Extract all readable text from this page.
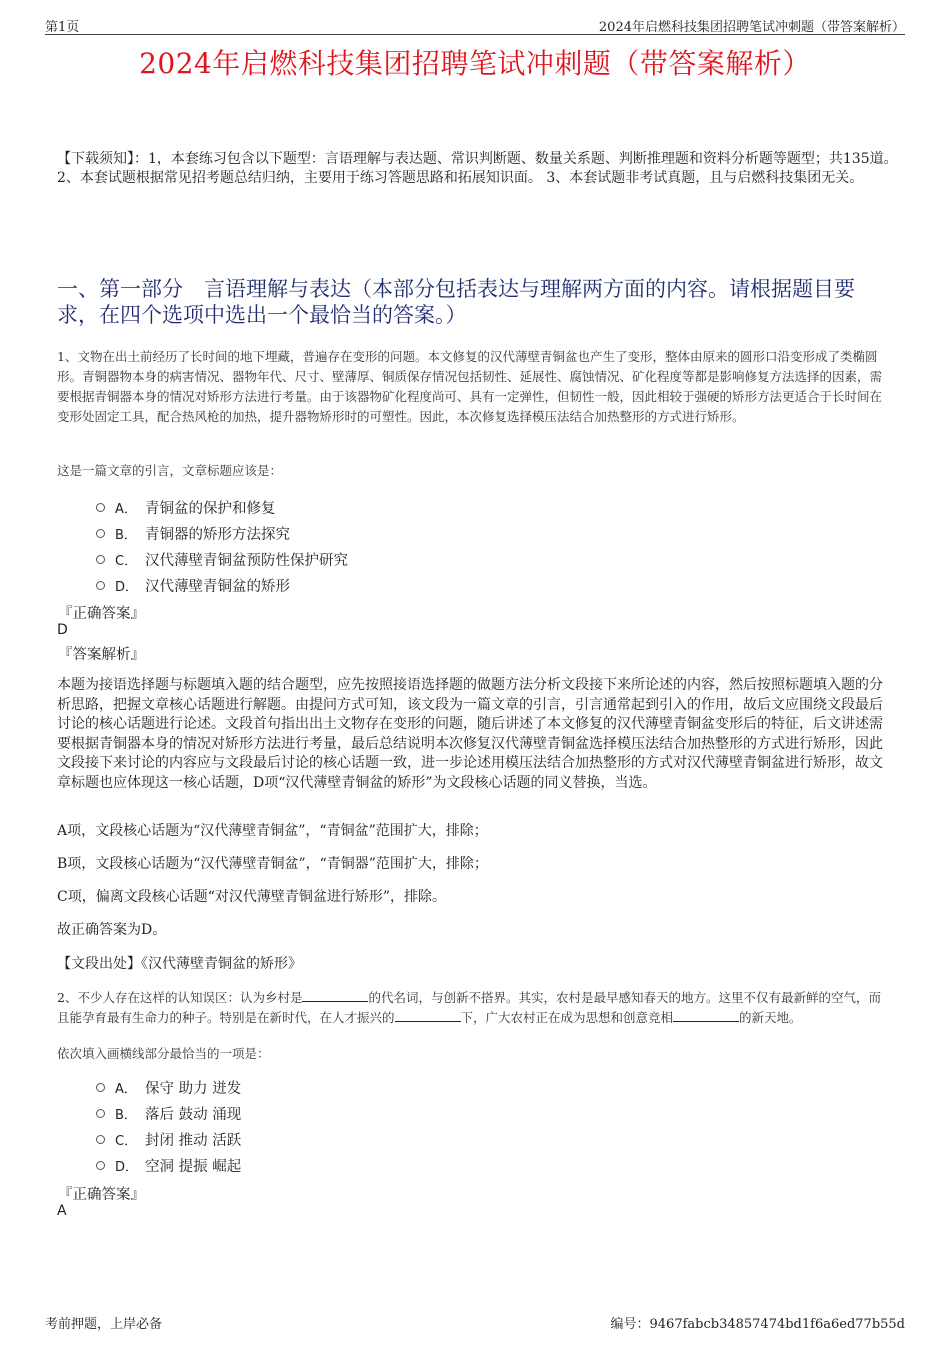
第1页	2024年启燃科技集团招聘笔试冲刺题（带答案解析）
2024年启燃科技集团招聘笔试冲刺题（带答案解析）
【下载须知】：1，本套练习包含以下题型：言语理解与表达题、常识判断题、数量关系题、判断推理题和资料分析题等题型；共135道。 2、本套试题根据常见招考题总结归纳，主要用于练习答题思路和拓展知识面。 3、本套试题非考试真题，且与启燃科技集团无关。
一、第一部分　言语理解与表达（本部分包括表达与理解两方面的内容。请根据题目要求，在四个选项中选出一个最恰当的答案。）
1、文物在出土前经历了长时间的地下埋藏，普遍存在变形的问题。本文修复的汉代薄壁青铜盆也产生了变形，整体由原来的圆形口沿变形成了类椭圆形。青铜器物本身的病害情况、器物年代、尺寸、壁薄厚、铜质保存情况包括韧性、延展性、腐蚀情况、矿化程度等都是影响修复方法选择的因素，需要根据青铜器本身的情况对矫形方法进行考量。由于该器物矿化程度尚可、具有一定弹性，但韧性一般，因此相较于强硬的矫形方法更适合于长时间在变形处固定工具，配合热风枪的加热，提升器物矫形时的可塑性。因此，本次修复选择模压法结合加热整形的方式进行矫形。
这是一篇文章的引言，文章标题应该是：
A． 青铜盆的保护和修复
B． 青铜器的矫形方法探究
C． 汉代薄壁青铜盆预防性保护研究
D． 汉代薄壁青铜盆的矫形
『正确答案』
D
『答案解析』
本题为接语选择题与标题填入题的结合题型，应先按照接语选择题的做题方法分析文段接下来所论述的内容，然后按照标题填入题的分析思路，把握文章核心话题进行解题。由提问方式可知，该文段为一篇文章的引言，引言通常起到引入的作用，故后文应围绕文段最后讨论的核心话题进行论述。文段首句指出出土文物存在变形的问题，随后讲述了本文修复的汉代薄壁青铜盆变形后的特征，后文讲述需要根据青铜器本身的情况对矫形方法进行考量，最后总结说明本次修复汉代薄壁青铜盆选择模压法结合加热整形的方式进行矫形，因此文段接下来讨论的内容应与文段最后讨论的核心话题一致，进一步论述用模压法结合加热整形的方式对汉代薄壁青铜盆进行矫形，故文章标题也应体现这一核心话题，D项“汉代薄壁青铜盆的矫形”为文段核心话题的同义替换，当选。
A项，文段核心话题为“汉代薄壁青铜盆”，“青铜盆”范围扩大，排除；
B项，文段核心话题为“汉代薄壁青铜盆”，“青铜器”范围扩大，排除；
C项，偏离文段核心话题“对汉代薄壁青铜盆进行矫形”，排除。
故正确答案为D。
【文段出处】《汉代薄壁青铜盆的矫形》
2、不少人存在这样的认知误区：认为乡村是	的代名词，与创新不搭界。其实，农村是最早感知春天的地方。这里不仅有最新鲜的空气，而且能孕育最有生命力的种子。特别是在新时代，在人才振兴的	下，广大农村正在成为思想和创意竞相	的新天地。
依次填入画横线部分最恰当的一项是：
A． 保守 助力 迸发
B． 落后 鼓动 涌现
C． 封闭 推动 活跃
D． 空洞 提振 崛起
『正确答案』
A
考前押题，上岸必备	编号：9467fabcb34857474bd1f6a6ed77b55d
